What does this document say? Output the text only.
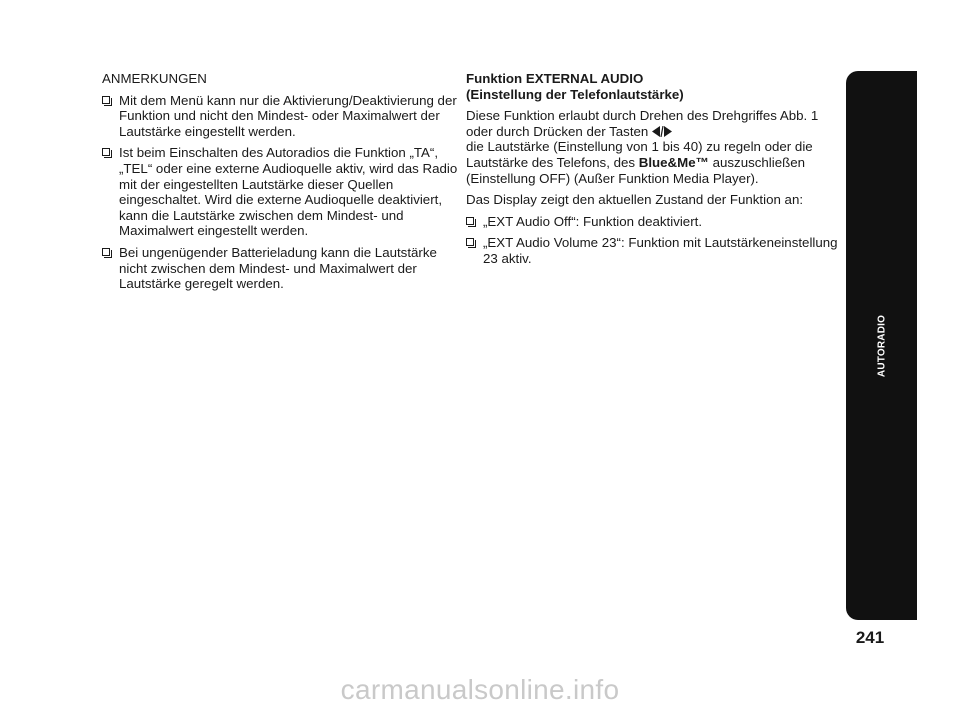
ANMERKUNGEN

Mit dem Menü kann nur die Aktivierung/Deaktivierung der Funktion und nicht den Mindest- oder Maximalwert der Lautstärke eingestellt werden.
Ist beim Einschalten des Autoradios die Funktion „TA“, „TEL“ oder eine externe Audioquelle aktiv, wird das Radio mit der eingestellten Lautstärke dieser Quellen eingeschaltet. Wird die externe Audioquelle deaktiviert, kann die Lautstärke zwischen dem Mindest- und Maximalwert eingestellt werden.
Bei ungenügender Batterieladung kann die Lautstärke nicht zwischen dem Mindest- und Maximalwert der Lautstärke geregelt werden.
Funktion EXTERNAL AUDIO
(Einstellung der Telefonlautstärke)

Diese Funktion erlaubt durch Drehen des Drehgriffes Abb. 1 oder durch Drücken der Tasten
die Lautstärke (Einstellung von 1 bis 40) zu regeln oder die Lautstärke des Telefons, des Blue&Me™ auszuschließen (Einstellung OFF) (Außer Funktion Media Player).

Das Display zeigt den aktuellen Zustand der Funktion an:

„EXT Audio Off“: Funktion deaktiviert.
„EXT Audio Volume 23“: Funktion mit Lautstärkeneinstellung 23 aktiv.
AUTORADIO
241
carmanualsonline.info
